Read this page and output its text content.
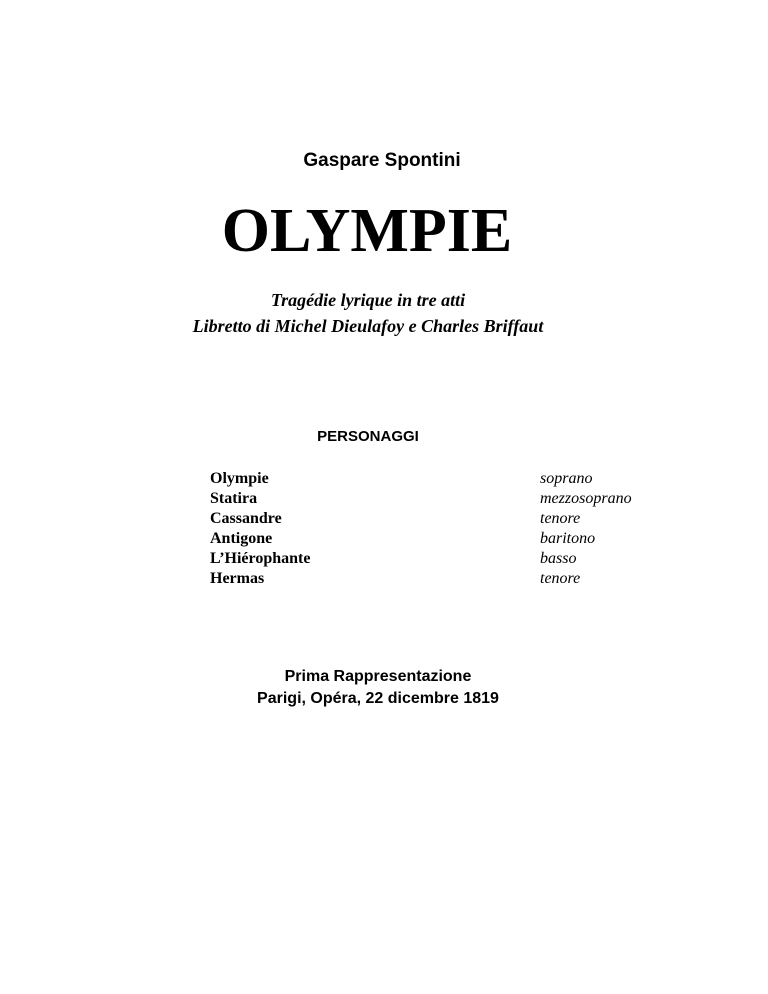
Gaspare Spontini
OLYMPIE
Tragédie lyrique in tre atti
Libretto di Michel Dieulafoy e Charles Briffaut
PERSONAGGI
Olympie	soprano
Statira	mezzosoprano
Cassandre	tenore
Antigone	baritono
L’Hiérophante	basso
Hermas	tenore
Prima Rappresentazione
Parigi, Opéra, 22 dicembre 1819
